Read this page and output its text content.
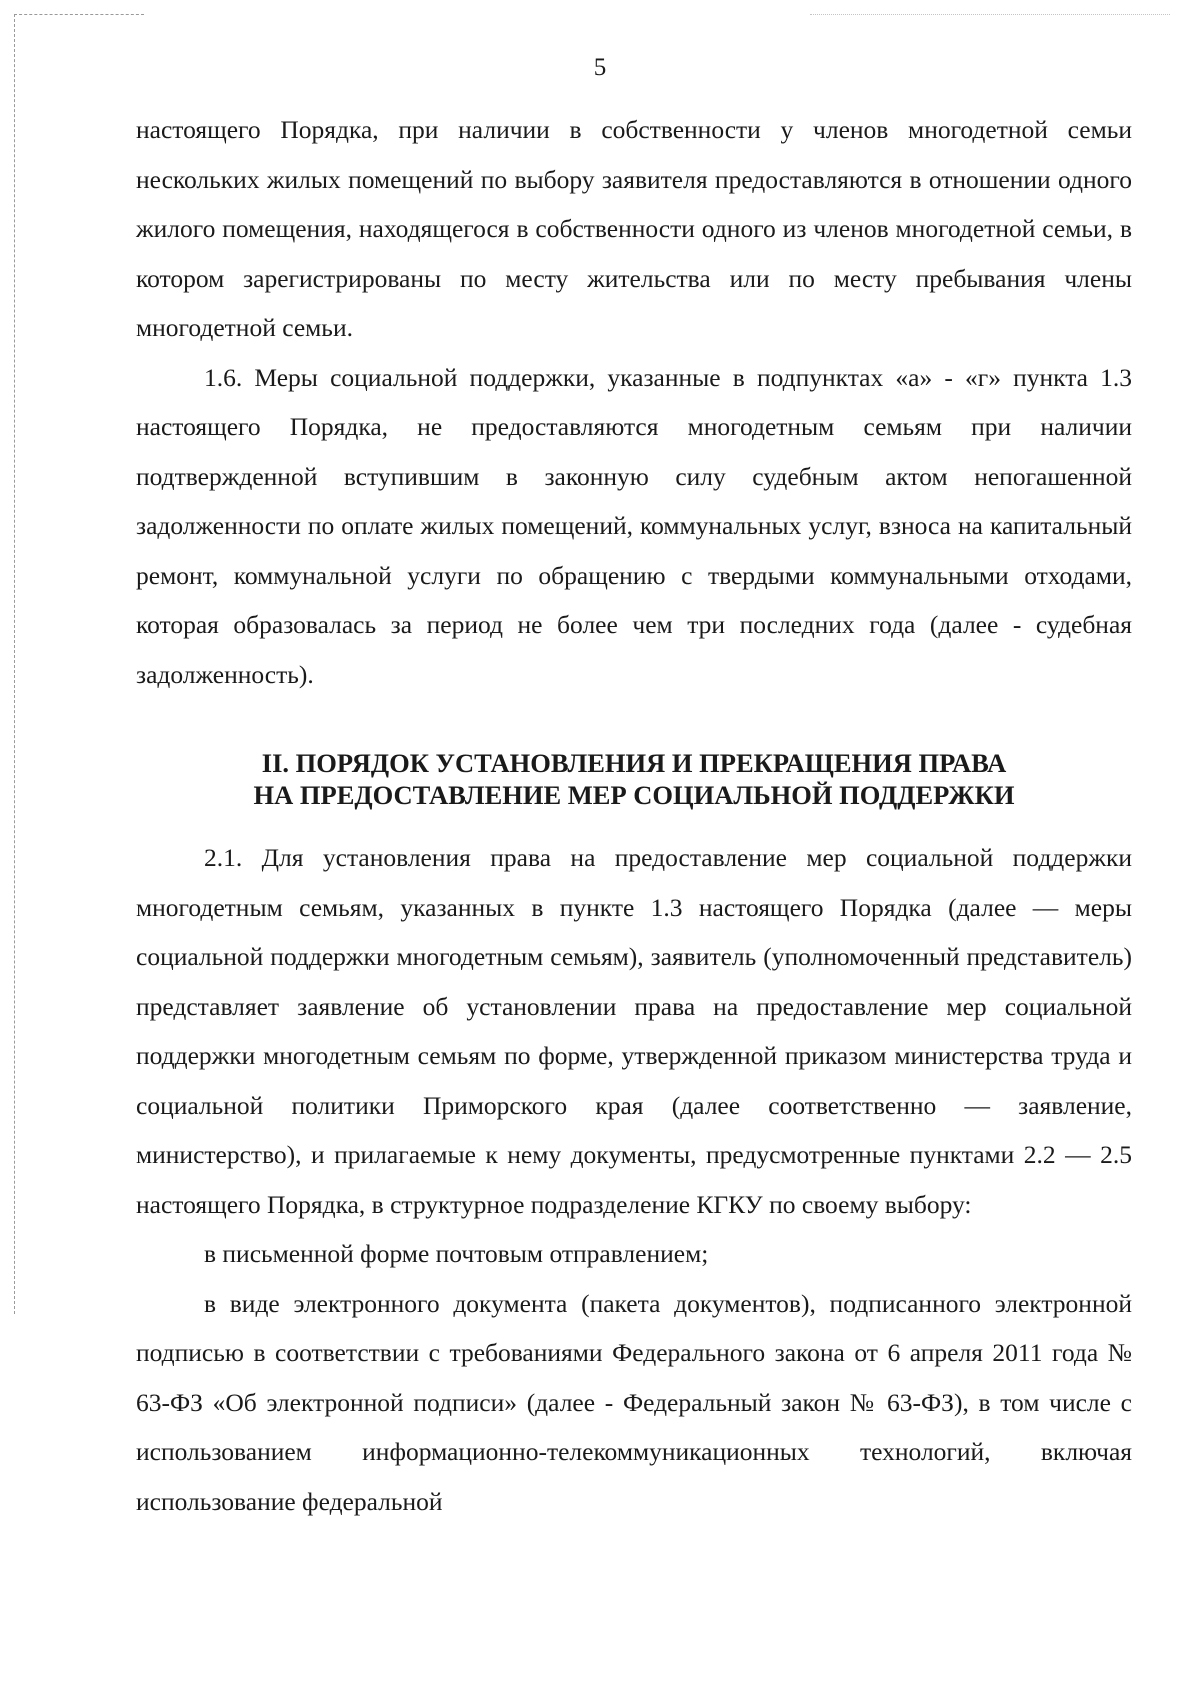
5

настоящего Порядка, при наличии в собственности у членов многодетной семьи нескольких жилых помещений по выбору заявителя предоставляются в отношении одного жилого помещения, находящегося в собственности одного из членов многодетной семьи, в котором зарегистрированы по месту жительства или по месту пребывания члены многодетной семьи.

1.6. Меры социальной поддержки, указанные в подпунктах «а» - «г» пункта 1.3 настоящего Порядка, не предоставляются многодетным семьям при наличии подтвержденной вступившим в законную силу судебным актом непогашенной задолженности по оплате жилых помещений, коммунальных услуг, взноса на капитальный ремонт, коммунальной услуги по обращению с твердыми коммунальными отходами, которая образовалась за период не более чем три последних года (далее - судебная задолженность).

II. ПОРЯДОК УСТАНОВЛЕНИЯ И ПРЕКРАЩЕНИЯ ПРАВА
НА ПРЕДОСТАВЛЕНИЕ МЕР СОЦИАЛЬНОЙ ПОДДЕРЖКИ

2.1. Для установления права на предоставление мер социальной поддержки многодетным семьям, указанных в пункте 1.3 настоящего Порядка (далее — меры социальной поддержки многодетным семьям), заявитель (уполномоченный представитель) представляет заявление об установлении права на предоставление мер социальной поддержки многодетным семьям по форме, утвержденной приказом министерства труда и социальной политики Приморского края (далее соответственно — заявление, министерство), и прилагаемые к нему документы, предусмотренные пунктами 2.2 — 2.5 настоящего Порядка, в структурное подразделение КГКУ по своему выбору:

в письменной форме почтовым отправлением;

в виде электронного документа (пакета документов), подписанного электронной подписью в соответствии с требованиями Федерального закона от 6 апреля 2011 года № 63-ФЗ «Об электронной подписи» (далее - Федеральный закон № 63-ФЗ), в том числе с использованием информационно-телекоммуникационных технологий, включая использование федеральной
